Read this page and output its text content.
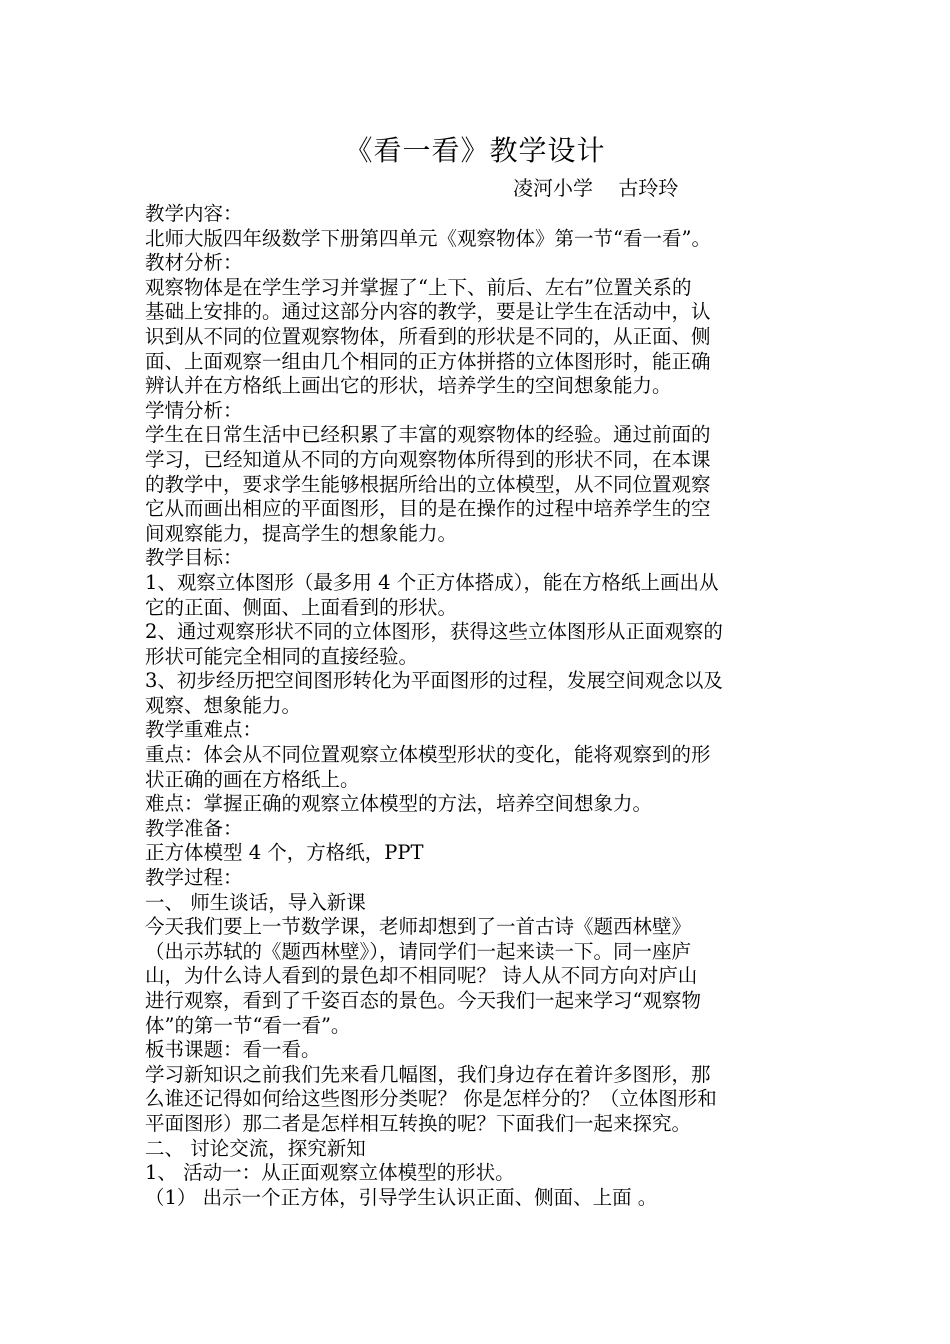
《看一看》教学设计
凌河小学    古玲玲

教学内容：

北师大版四年级数学下册第四单元《观察物体》第一节“看一看”。

教材分析：

观察物体是在学生学习并掌握了“上下、前后、左右”位置关系的

基础上安排的。通过这部分内容的教学，要是让学生在活动中，认

识到从不同的位置观察物体，所看到的形状是不同的，从正面、侧

面、上面观察一组由几个相同的正方体拼搭的立体图形时，能正确

辨认并在方格纸上画出它的形状，培养学生的空间想象能力。

学情分析：

学生在日常生活中已经积累了丰富的观察物体的经验。通过前面的

学习，已经知道从不同的方向观察物体所得到的形状不同，在本课

的教学中，要求学生能够根据所给出的立体模型，从不同位置观察

它从而画出相应的平面图形，目的是在操作的过程中培养学生的空

间观察能力，提高学生的想象能力。

教学目标：

1、观察立体图形（最多用 4 个正方体搭成），能在方格纸上画出从

它的正面、侧面、上面看到的形状。

2、通过观察形状不同的立体图形，获得这些立体图形从正面观察的

形状可能完全相同的直接经验。

3、初步经历把空间图形转化为平面图形的过程，发展空间观念以及

观察、想象能力。

教学重难点：

重点：体会从不同位置观察立体模型形状的变化，能将观察到的形

状正确的画在方格纸上。

难点：掌握正确的观察立体模型的方法，培养空间想象力。

教学准备：

正方体模型 4 个，方格纸，PPT

教学过程：

一、 师生谈话，导入新课

今天我们要上一节数学课，老师却想到了一首古诗《题西林壁》

（出示苏轼的《题西林壁》），请同学们一起来读一下。同一座庐

山，为什么诗人看到的景色却不相同呢？ 诗人从不同方向对庐山

进行观察，看到了千姿百态的景色。今天我们一起来学习“观察物

体”的第一节“看一看”。

板书课题：看一看。

学习新知识之前我们先来看几幅图，我们身边存在着许多图形，那

么谁还记得如何给这些图形分类呢？ 你是怎样分的？（立体图形和

平面图形）那二者是怎样相互转换的呢？下面我们一起来探究。

二、 讨论交流，探究新知

1、 活动一：从正面观察立体模型的形状。

（1） 出示一个正方体，引导学生认识正面、侧面、上面 。
